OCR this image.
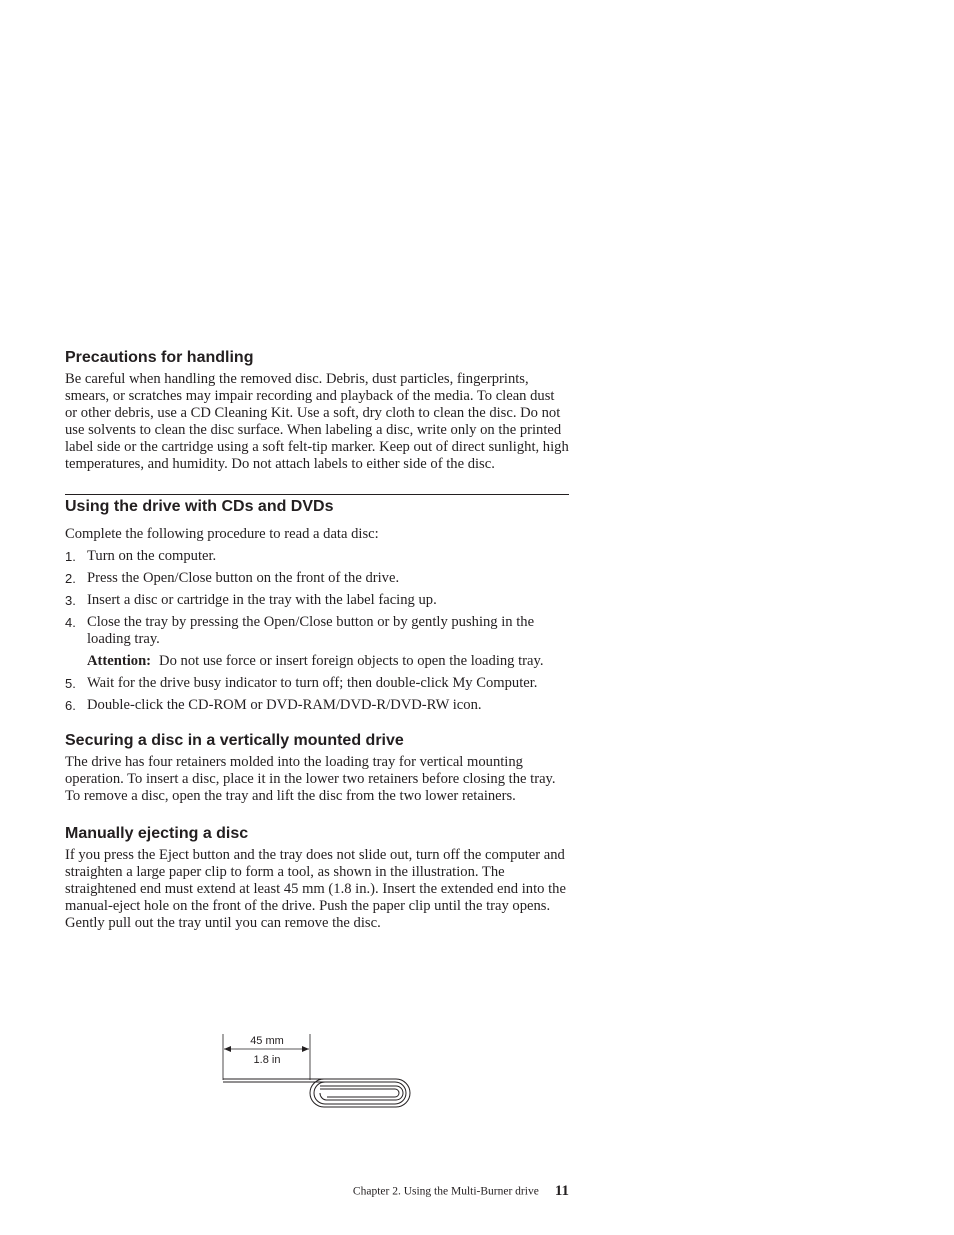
Precautions for handling

Be careful when handling the removed disc. Debris, dust particles, fingerprints, smears, or scratches may impair recording and playback of the media. To clean dust or other debris, use a CD Cleaning Kit. Use a soft, dry cloth to clean the disc. Do not use solvents to clean the disc surface. When labeling a disc, write only on the printed label side or the cartridge using a soft felt-tip marker. Keep out of direct sunlight, high temperatures, and humidity. Do not attach labels to either side of the disc.

Using the drive with CDs and DVDs

Complete the following procedure to read a data disc:

1. Turn on the computer.
2. Press the Open/Close button on the front of the drive.
3. Insert a disc or cartridge in the tray with the label facing up.
4. Close the tray by pressing the Open/Close button or by gently pushing in the loading tray.

Attention: Do not use force or insert foreign objects to open the loading tray.

5. Wait for the drive busy indicator to turn off; then double-click My Computer.
6. Double-click the CD-ROM or DVD-RAM/DVD-R/DVD-RW icon.
Securing a disc in a vertically mounted drive

The drive has four retainers molded into the loading tray for vertical mounting operation. To insert a disc, place it in the lower two retainers before closing the tray. To remove a disc, open the tray and lift the disc from the two lower retainers.

Manually ejecting a disc

If you press the Eject button and the tray does not slide out, turn off the computer and straighten a large paper clip to form a tool, as shown in the illustration. The straightened end must extend at least 45 mm (1.8 in.). Insert the extended end into the manual-eject hole on the front of the drive. Push the paper clip until the tray opens. Gently pull out the tray until you can remove the disc.

45 mm
1.8 in
Chapter 2. Using the Multi-Burner drive 11
